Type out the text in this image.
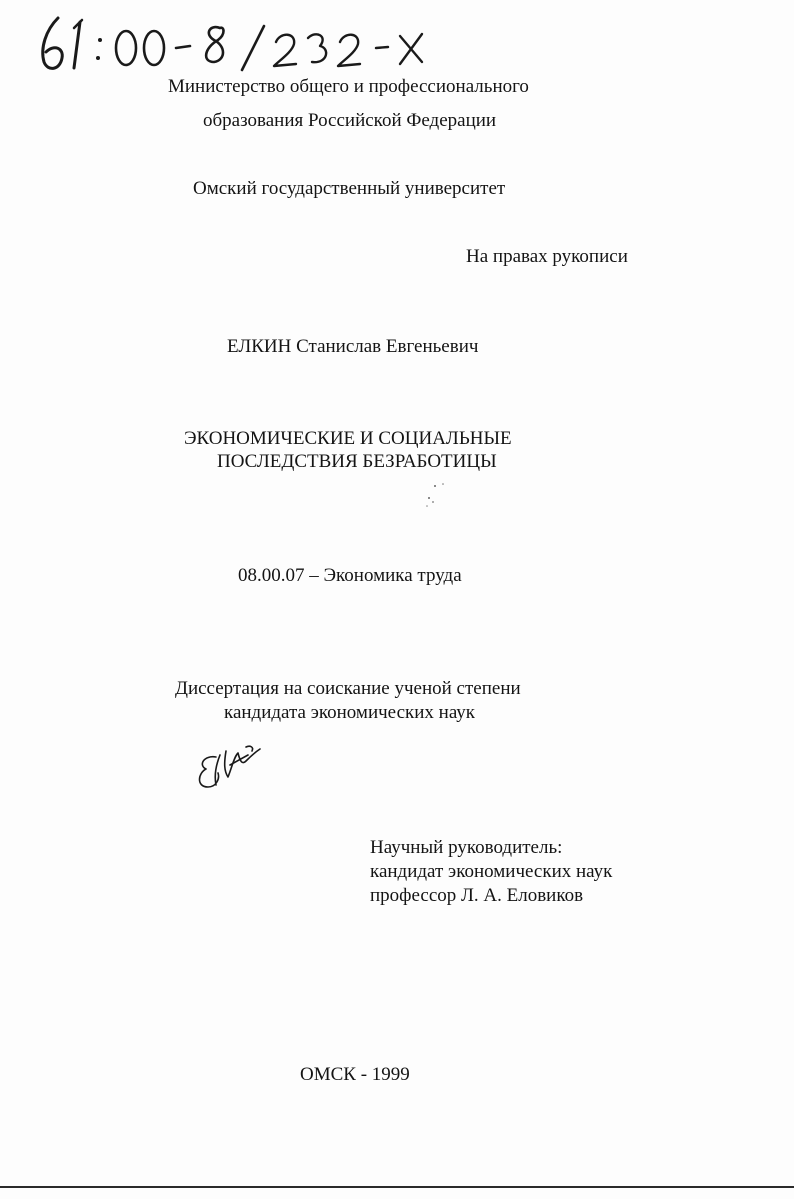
Министерство общего и профессионального
образования Российской Федерации
Омский государственный университет
На правах рукописи
ЕЛКИН Станислав Евгеньевич
ЭКОНОМИЧЕСКИЕ И СОЦИАЛЬНЫЕ
ПОСЛЕДСТВИЯ БЕЗРАБОТИЦЫ
08.00.07 – Экономика труда
Диссертация на соискание ученой степени
кандидата экономических наук
Научный руководитель:
кандидат экономических наук
профессор Л. А. Еловиков
ОМСК - 1999
